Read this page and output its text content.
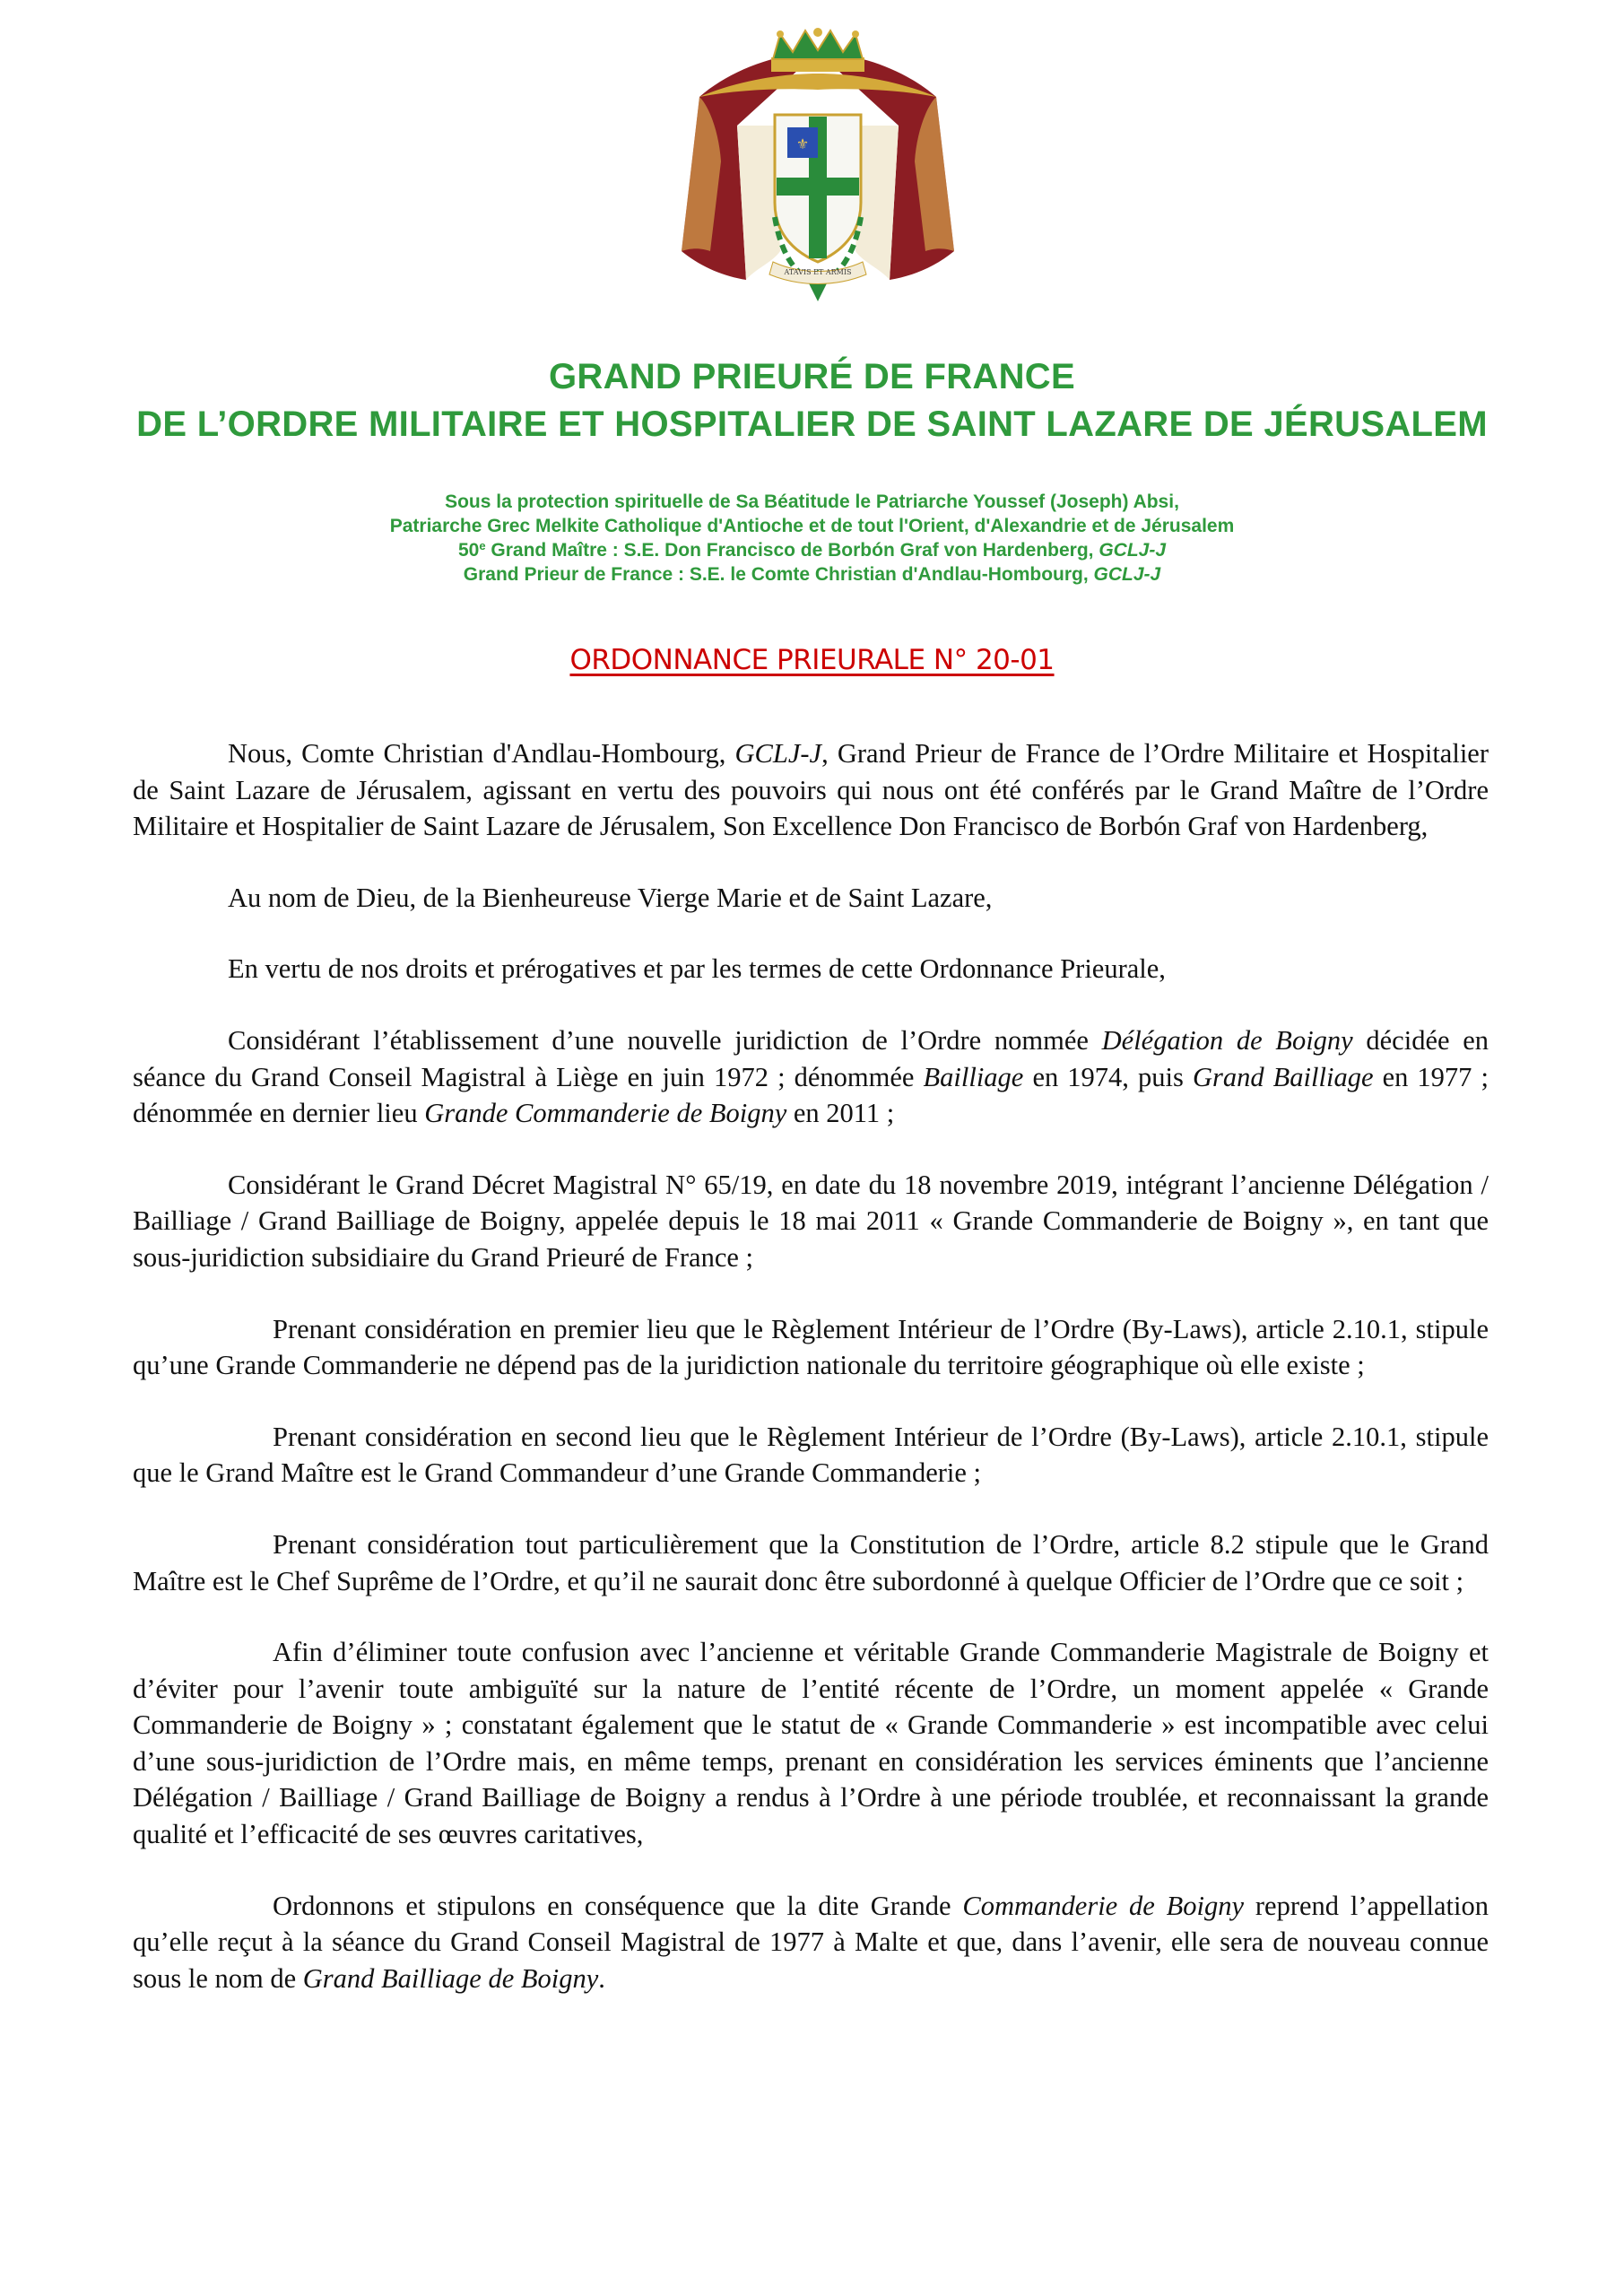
⚜
ATAVIS ET ARMIS
GRAND PRIEURÉ DE FRANCE
DE L’ORDRE MILITAIRE ET HOSPITALIER DE SAINT LAZARE DE JÉRUSALEM
Sous la protection spirituelle de Sa Béatitude le Patriarche Youssef (Joseph) Absi,
Patriarche Grec Melkite Catholique d'Antioche et de tout l'Orient, d'Alexandrie et de Jérusalem
50e Grand Maître : S.E. Don Francisco de Borbón Graf von Hardenberg, GCLJ-J
Grand Prieur de France : S.E. le Comte Christian d'Andlau-Hombourg, GCLJ-J
ORDONNANCE PRIEURALE N° 20-01

Nous, Comte Christian d'Andlau-Hombourg, GCLJ-J, Grand Prieur de France de l’Ordre Militaire et Hospitalier de Saint Lazare de Jérusalem, agissant en vertu des pouvoirs qui nous ont été conférés par le Grand Maître de l’Ordre Militaire et Hospitalier de Saint Lazare de Jérusalem, Son Excellence Don Francisco de Borbón Graf von Hardenberg,

Au nom de Dieu, de la Bienheureuse Vierge Marie et de Saint Lazare,

En vertu de nos droits et prérogatives et par les termes de cette Ordonnance Prieurale,

Considérant l’établissement d’une nouvelle juridiction de l’Ordre nommée Délégation de Boigny décidée en séance du Grand Conseil Magistral à Liège en juin 1972 ; dénommée Bailliage en 1974, puis Grand Bailliage en 1977 ; dénommée en dernier lieu Grande Commanderie de Boigny en 2011 ;

Considérant le Grand Décret Magistral N° 65/19, en date du 18 novembre 2019, intégrant l’ancienne Délégation / Bailliage / Grand Bailliage de Boigny, appelée depuis le 18 mai 2011 « Grande Commanderie de Boigny », en tant que sous-juridiction subsidiaire du Grand Prieuré de France ;

Prenant considération en premier lieu que le Règlement Intérieur de l’Ordre (By-Laws), article 2.10.1, stipule qu’une Grande Commanderie ne dépend pas de la juridiction nationale du territoire géographique où elle existe ;

Prenant considération en second lieu que le Règlement Intérieur de l’Ordre (By-Laws), article 2.10.1, stipule que le Grand Maître est le Grand Commandeur d’une Grande Commanderie ;

Prenant considération tout particulièrement que la Constitution de l’Ordre, article 8.2 stipule que le Grand Maître est le Chef Suprême de l’Ordre, et qu’il ne saurait donc être subordonné à quelque Officier de l’Ordre que ce soit ;

Afin d’éliminer toute confusion avec l’ancienne et véritable Grande Commanderie Magistrale de Boigny et d’éviter pour l’avenir toute ambiguïté sur la nature de l’entité récente de l’Ordre, un moment appelée « Grande Commanderie de Boigny » ; constatant également que le statut de « Grande Commanderie » est incompatible avec celui d’une sous-juridiction de l’Ordre mais, en même temps, prenant en considération les services éminents que l’ancienne Délégation / Bailliage / Grand Bailliage de Boigny a rendus à l’Ordre à une période troublée, et reconnaissant la grande qualité et l’efficacité de ses œuvres caritatives,

Ordonnons et stipulons en conséquence que la dite Grande Commanderie de Boigny reprend l’appellation qu’elle reçut à la séance du Grand Conseil Magistral de 1977 à Malte et que, dans l’avenir, elle sera de nouveau connue sous le nom de Grand Bailliage de Boigny.
